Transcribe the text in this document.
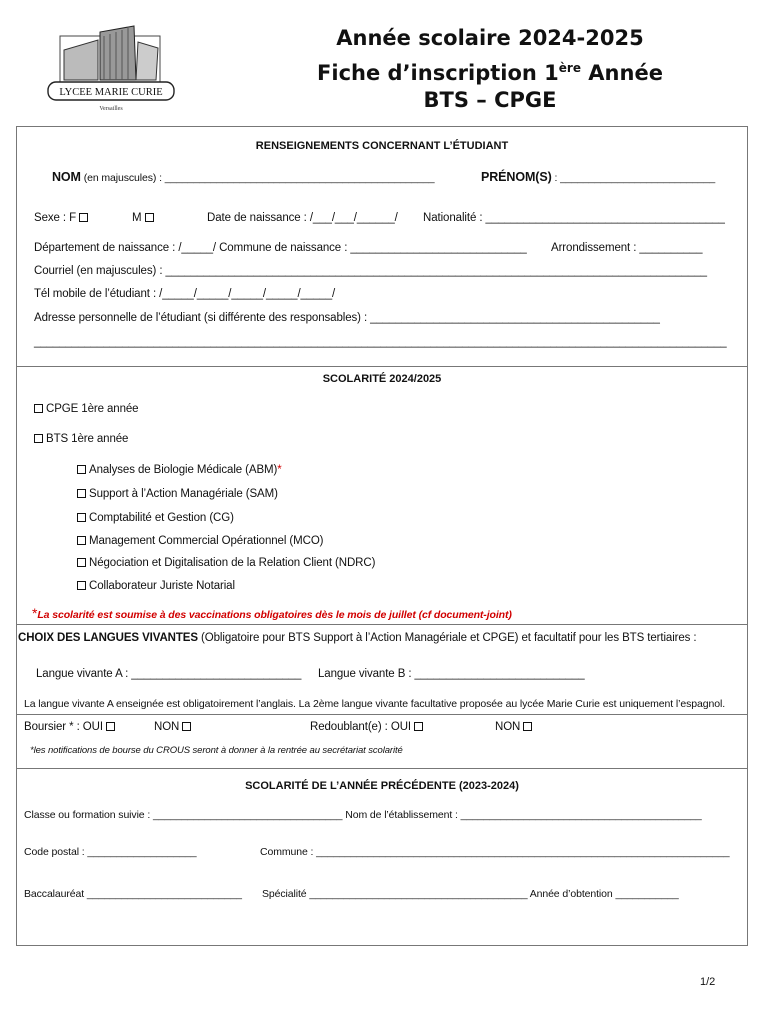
LYCEE MARIE CURIE
Versailles
Année scolaire 2024-2025
Fiche d’inscription 1ère Année
BTS – CPGE
RENSEIGNEMENTS CONCERNANT L’ÉTUDIANT
NOM (en majuscules) : _______________________________________________	PRÉNOM(S) : ___________________________
Sexe : F	M	Date de naissance : /___/___/______/ Nationalité : ______________________________________
Département de naissance : /_____/ Commune de naissance : ____________________________ Arrondissement : __________
Courriel (en majuscules) : ______________________________________________________________________________________
Tél mobile de l’étudiant : /_____/_____/_____/_____/_____/
Adresse personnelle de l’étudiant (si différente des responsables) : ______________________________________________
______________________________________________________________________________________________________________
SCOLARITÉ 2024/2025
CPGE 1ère année
BTS 1ère année
Analyses de Biologie Médicale (ABM)*
Support à l’Action Managériale (SAM)
Comptabilité et Gestion (CG)
Management Commercial Opérationnel (MCO)
Négociation et Digitalisation de la Relation Client (NDRC)
Collaborateur Juriste Notarial
*La scolarité est soumise à des vaccinations obligatoires dès le mois de juillet (cf document-joint)
CHOIX DES LANGUES VIVANTES (Obligatoire pour BTS Support à l’Action Managériale et CPGE) et facultatif pour les BTS tertiaires :
Langue vivante A : ___________________________ Langue vivante B : ___________________________
La langue vivante A enseignée est obligatoirement l’anglais. La 2ème langue vivante facultative proposée au lycée Marie Curie est uniquement l’espagnol.
Boursier * : OUI	NON	Redoublant(e) : OUI	NON
*les notifications de bourse du CROUS seront à donner à la rentrée au secrétariat scolarité
SCOLARITÉ DE L’ANNÉE PRÉCÉDENTE (2023-2024)
Classe ou formation suivie : _________________________________ Nom de l’établissement : __________________________________________
Code postal : ___________________	Commune : ________________________________________________________________________
Baccalauréat ___________________________ Spécialité ______________________________________ Année d’obtention ___________
1/2
